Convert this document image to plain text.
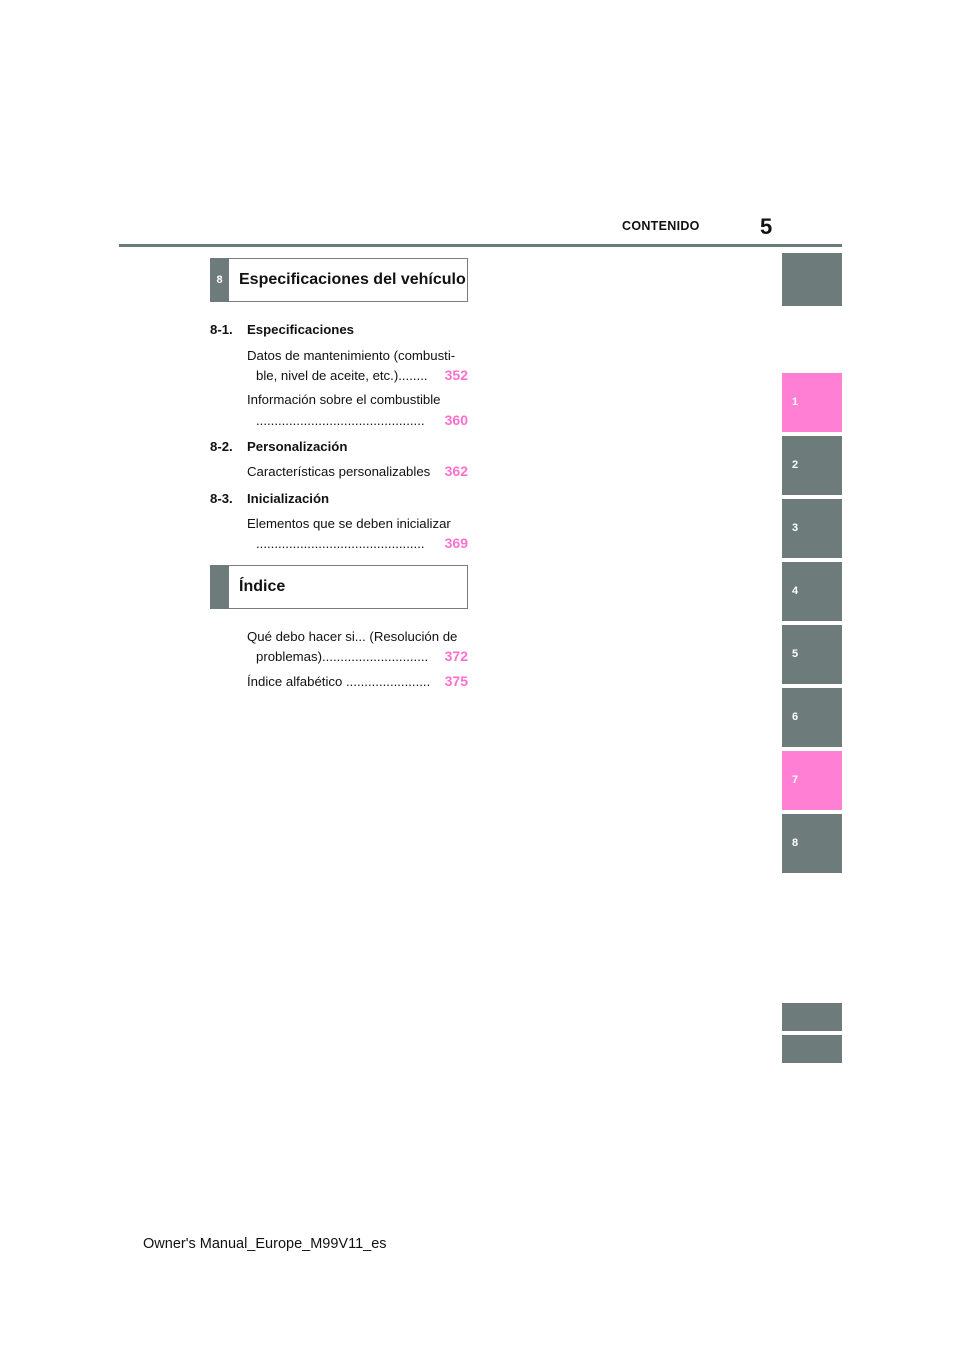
CONTENIDO	5
8	Especificaciones del vehículo
8-1. Especificaciones
Datos de mantenimiento (combusti-
ble, nivel de aceite, etc.)........ 352
Información sobre el combustible
.............................................. 360
8-2. Personalización
Características personalizables 362
8-3. Inicialización
Elementos que se deben inicializar
.............................................. 369
Índice
Qué debo hacer si... (Resolución de
problemas)............................. 372
Índice alfabético ....................... 375
1
2
3
4
5
6
7
8
Owner's Manual_Europe_M99V11_es
